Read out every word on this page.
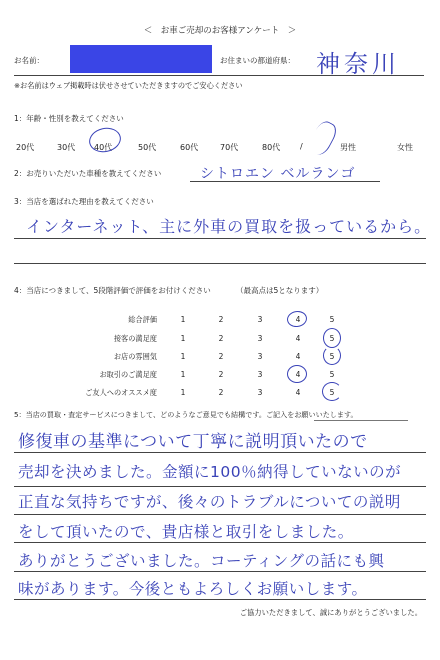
＜　お車ご売却のお客様アンケート　＞
お名前：	お住まいの都道府県： 神奈川
※お名前はウェブ掲載時は伏せさせていただきますのでご安心ください
1：年齢・性別を教えてください
20代	30代 40代	50代	60代	70代	80代 /	男性	女性
2：お売りいただいた車種を教えてください	シトロエン ベルランゴ
3：当店を選ばれた理由を教えてください
インターネット、主に外車の買取を扱っているから。
4：当店につきまして、5段階評価で評価をお付けください	（最高点は5となります）
総合評価	1	2	3	4	5
接客の満足度	1	2	3	4	5
お店の雰囲気	1	2	3	4	5
お取引のご満足度	1	2	3	4	5
ご友人へのオススメ度	1	2	3	4	5
5：当店の買取・査定サービスにつきまして、どのようなご意見でも結構です。ご記入をお願いいたします。
修復車の基準について丁寧に説明頂いたので
売却を決めました。金額に100％納得していないのが
正直な気持ちですが、後々のトラブルについての説明
をして頂いたので、貴店様と取引をしました。
ありがとうございました。コーティングの話にも興
味があります。今後ともよろしくお願いします。
ご協力いただきまして、誠にありがとうございました。
